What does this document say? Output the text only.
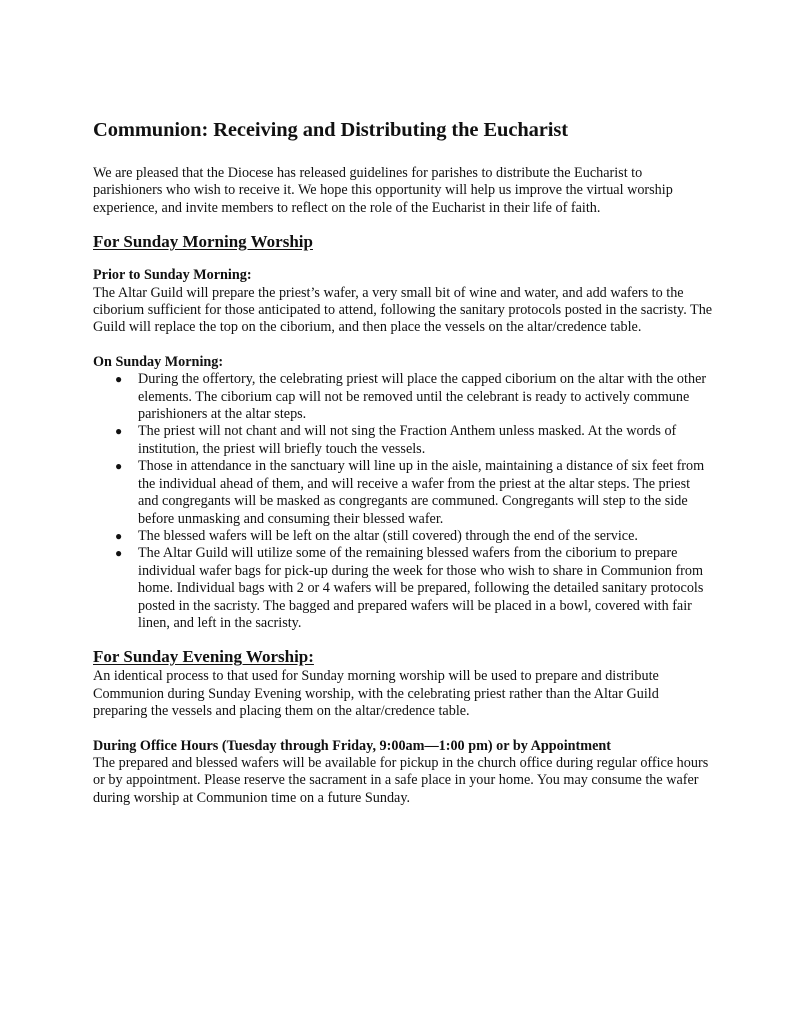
Communion: Receiving and Distributing the Eucharist

We are pleased that the Diocese has released guidelines for parishes to distribute the Eucharist to parishioners who wish to receive it. We hope this opportunity will help us improve the virtual worship experience, and invite members to reflect on the role of the Eucharist in their life of faith.

For Sunday Morning Worship
Prior to Sunday Morning:

The Altar Guild will prepare the priest’s wafer, a very small bit of wine and water, and add wafers to the ciborium sufficient for those anticipated to attend, following the sanitary protocols posted in the sacristy. The Guild will replace the top on the ciborium, and then place the vessels on the altar/credence table.

On Sunday Morning:
● During the offertory, the celebrating priest will place the capped ciborium on the altar with the other elements. The ciborium cap will not be removed until the celebrant is ready to actively commune parishioners at the altar steps.
● The priest will not chant and will not sing the Fraction Anthem unless masked. At the words of institution, the priest will briefly touch the vessels.
● Those in attendance in the sanctuary will line up in the aisle, maintaining a distance of six feet from the individual ahead of them, and will receive a wafer from the priest at the altar steps. The priest and congregants will be masked as congregants are communed. Congregants will step to the side before unmasking and consuming their blessed wafer.
● The blessed wafers will be left on the altar (still covered) through the end of the service.
● The Altar Guild will utilize some of the remaining blessed wafers from the ciborium to prepare individual wafer bags for pick-up during the week for those who wish to share in Communion from home. Individual bags with 2 or 4 wafers will be prepared, following the detailed sanitary protocols posted in the sacristy. The bagged and prepared wafers will be placed in a bowl, covered with fair linen, and left in the sacristy.
For Sunday Evening Worship:

An identical process to that used for Sunday morning worship will be used to prepare and distribute Communion during Sunday Evening worship, with the celebrating priest rather than the Altar Guild preparing the vessels and placing them on the altar/credence table.

During Office Hours (Tuesday through Friday, 9:00am—1:00 pm) or by Appointment

The prepared and blessed wafers will be available for pickup in the church office during regular office hours or by appointment. Please reserve the sacrament in a safe place in your home. You may consume the wafer during worship at Communion time on a future Sunday.
